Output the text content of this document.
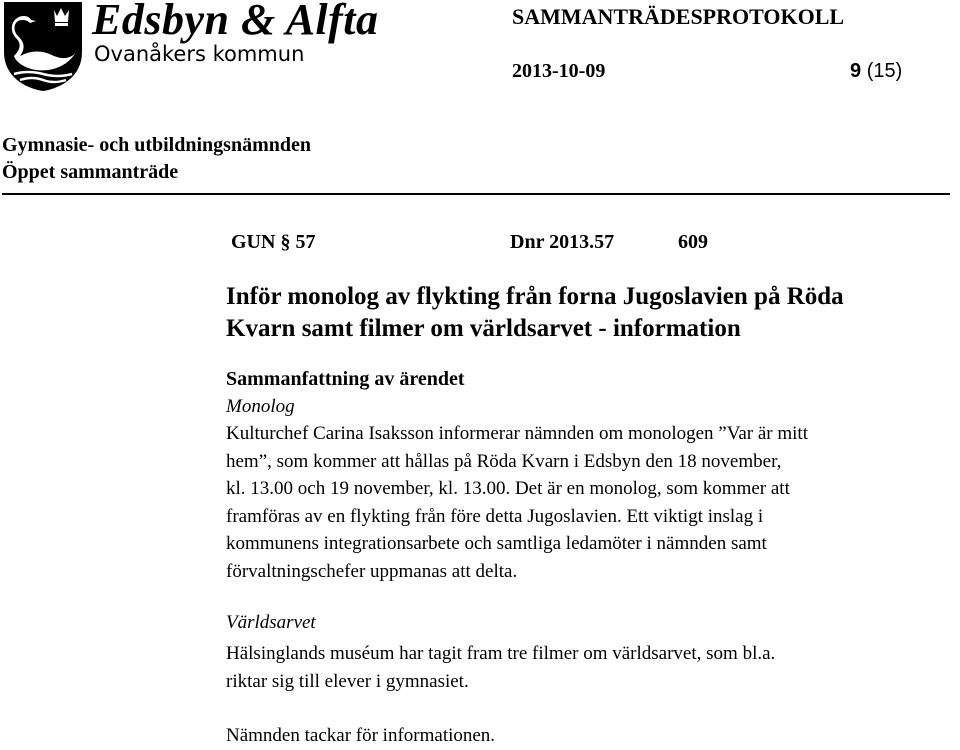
Edsbyn & Alfta
Ovanåkers kommun
SAMMANTRÄDESPROTOKOLL
2013-10-09	9 (15)
Gymnasie- och utbildningsnämnden
Öppet sammanträde
GUN § 57	Dnr 2013.57	609
Inför monolog av flykting från forna Jugoslavien på Röda
Kvarn samt filmer om världsarvet - information
Sammanfattning av ärendet
Monolog
Kulturchef Carina Isaksson informerar nämnden om monologen ”Var är mitt
hem”, som kommer att hållas på Röda Kvarn i Edsbyn den 18 november,
kl. 13.00 och 19 november, kl. 13.00. Det är en monolog, som kommer att
framföras av en flykting från före detta Jugoslavien. Ett viktigt inslag i
kommunens integrationsarbete och samtliga ledamöter i nämnden samt
förvaltningschefer uppmanas att delta.
Världsarvet
Hälsinglands muséum har tagit fram tre filmer om världsarvet, som bl.a.
riktar sig till elever i gymnasiet.
Nämnden tackar för informationen.
